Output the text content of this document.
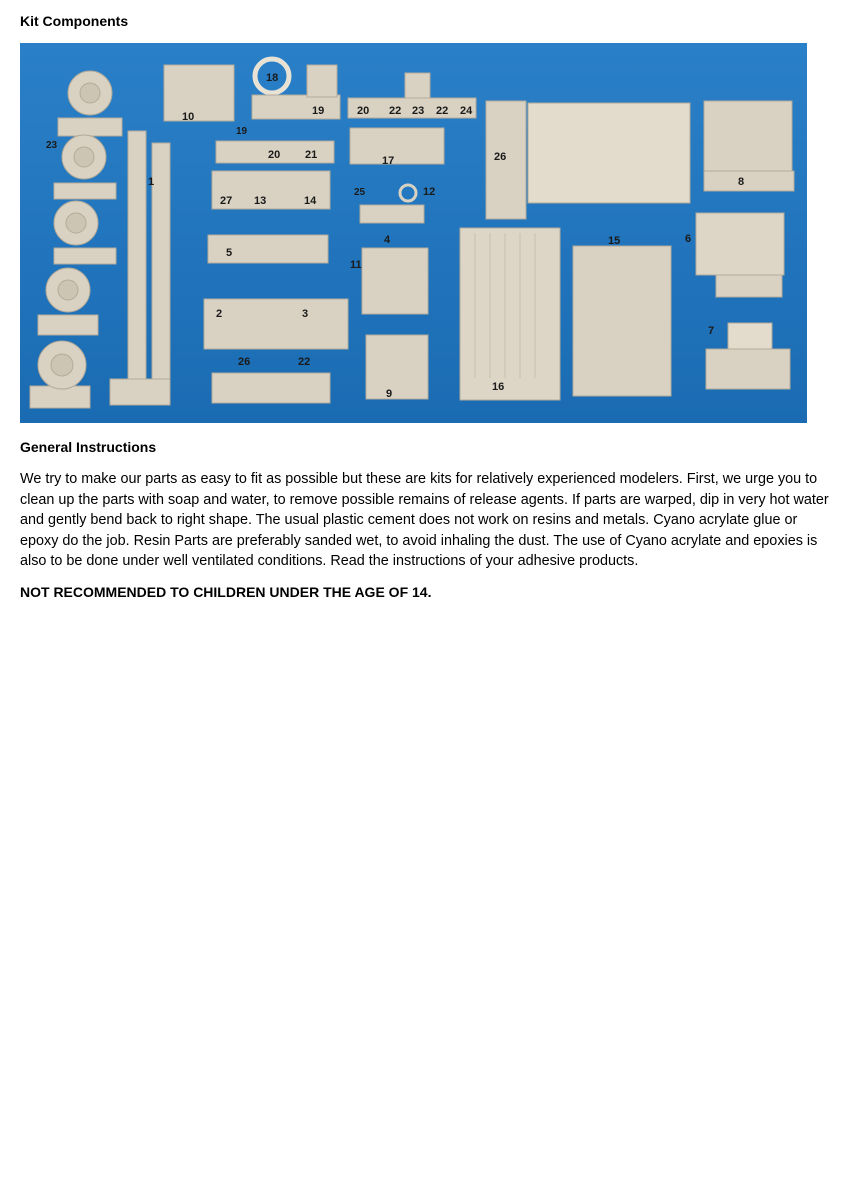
Kit Components
1
2	3
4
5
6
7
8
9
10
11
12
13	14
15
16
17
18
19
19
20
20 21
22	22
22
23
23
24
25
26
26
27
General Instructions

We try to make our parts as easy to fit as possible but these are kits for relatively experienced modelers. First, we urge you to clean up the parts with soap and water, to remove possible remains of release agents. If parts are warped, dip in very hot water and gently bend back to right shape. The usual plastic cement does not work on resins and metals. Cyano acrylate glue or epoxy do the job. Resin Parts are preferably sanded wet, to avoid inhaling the dust. The use of Cyano acrylate and epoxies is also to be done under well ventilated conditions. Read the instructions of your adhesive products.

NOT RECOMMENDED TO CHILDREN UNDER THE AGE OF 14.
